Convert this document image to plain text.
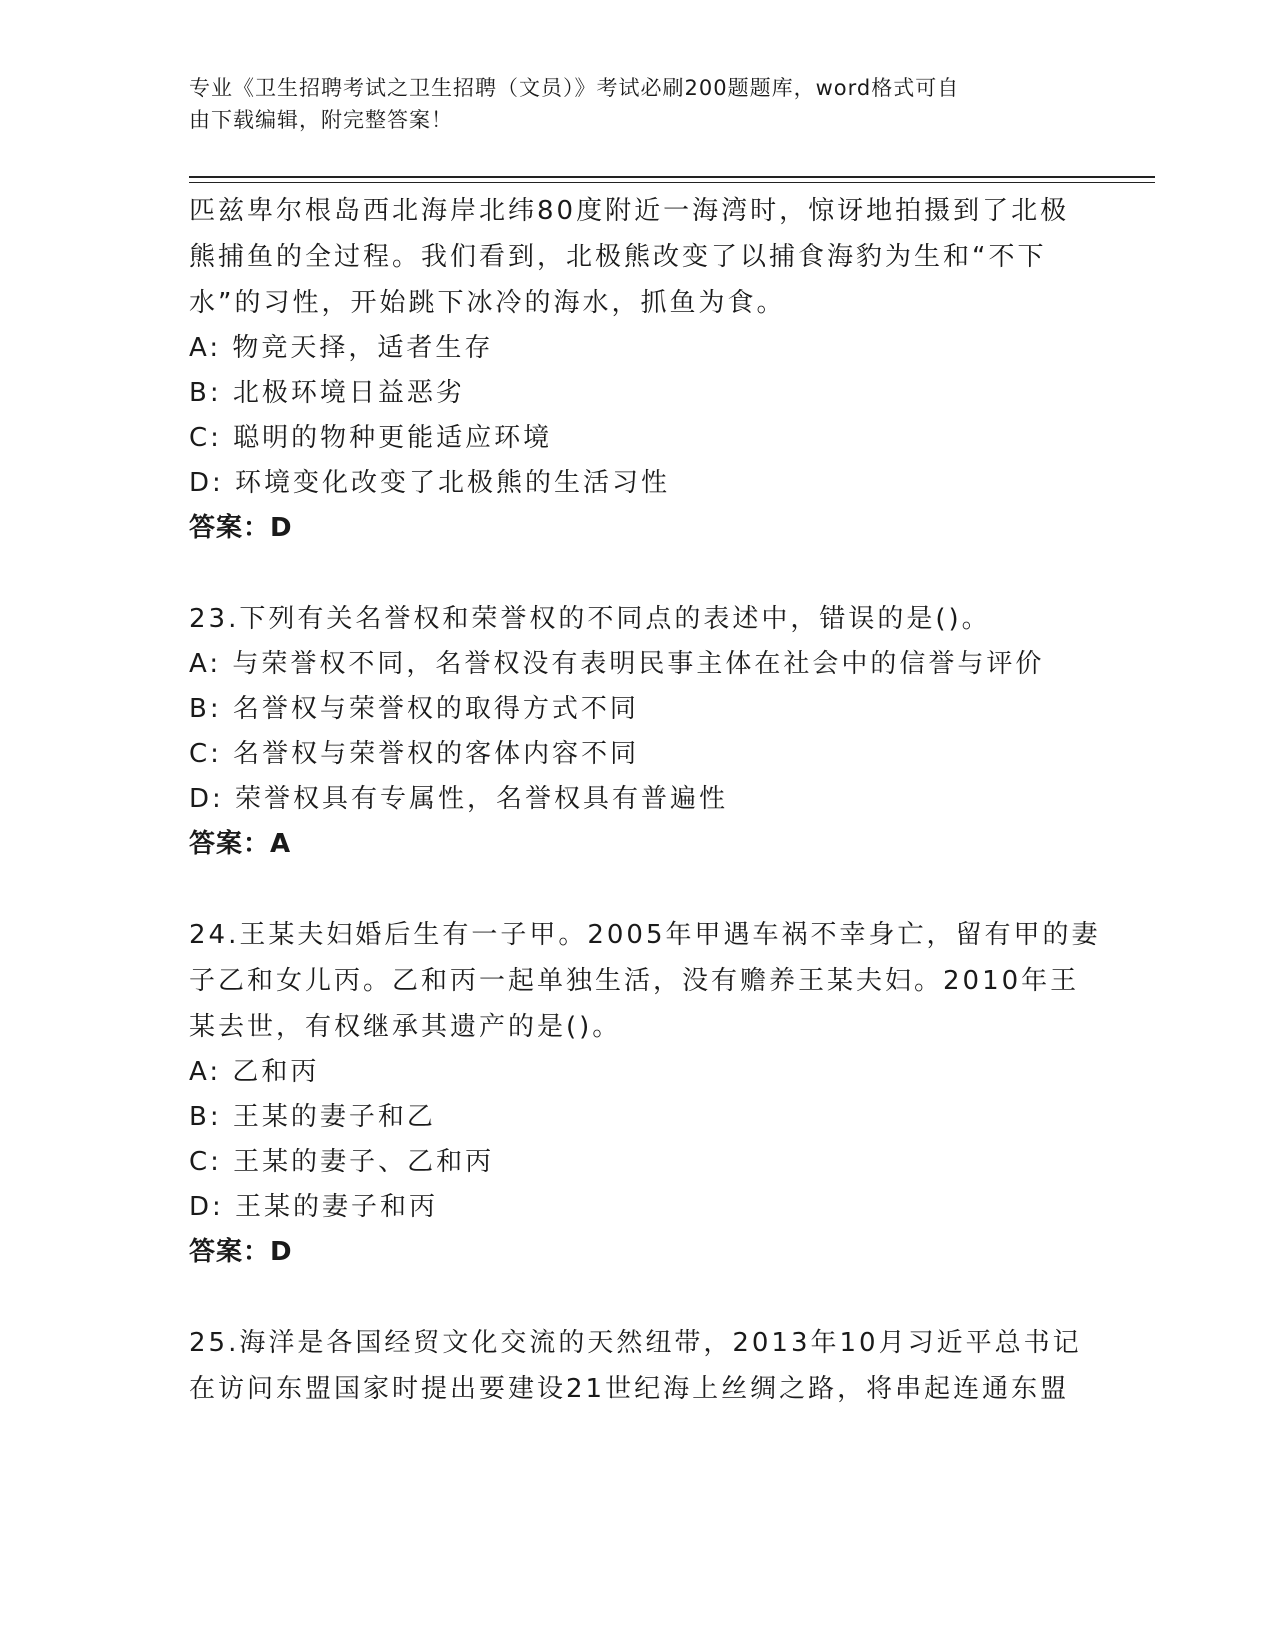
专业《卫生招聘考试之卫生招聘（文员）》考试必刷200题题库，word格式可自
由下载编辑，附完整答案！
匹兹卑尔根岛西北海岸北纬80度附近一海湾时，惊讶地拍摄到了北极
熊捕鱼的全过程。我们看到，北极熊改变了以捕食海豹为生和“不下
水”的习性，开始跳下冰冷的海水，抓鱼为食。
A: 物竞天择，适者生存
B: 北极环境日益恶劣
C: 聪明的物种更能适应环境
D: 环境变化改变了北极熊的生活习性
答案：D
23.下列有关名誉权和荣誉权的不同点的表述中，错误的是()。
A: 与荣誉权不同，名誉权没有表明民事主体在社会中的信誉与评价
B: 名誉权与荣誉权的取得方式不同
C: 名誉权与荣誉权的客体内容不同
D: 荣誉权具有专属性，名誉权具有普遍性
答案：A
24.王某夫妇婚后生有一子甲。2005年甲遇车祸不幸身亡，留有甲的妻
子乙和女儿丙。乙和丙一起单独生活，没有赡养王某夫妇。2010年王
某去世，有权继承其遗产的是()。
A: 乙和丙
B: 王某的妻子和乙
C: 王某的妻子、乙和丙
D: 王某的妻子和丙
答案：D
25.海洋是各国经贸文化交流的天然纽带，2013年10月习近平总书记
在访问东盟国家时提出要建设21世纪海上丝绸之路，将串起连通东盟
